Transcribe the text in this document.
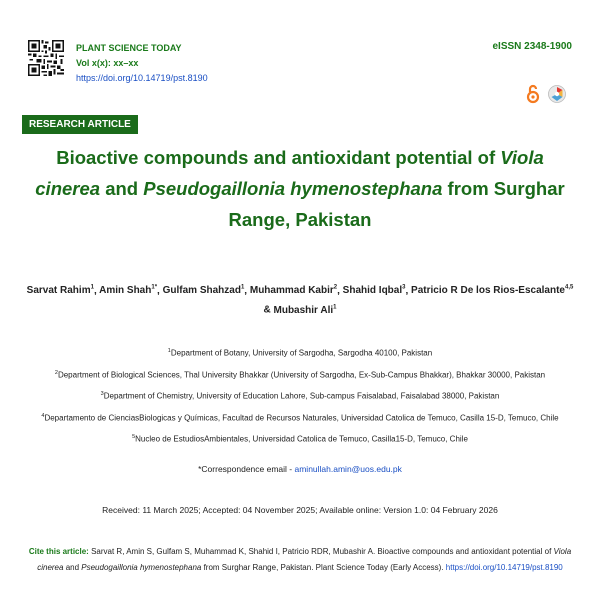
PLANT SCIENCE TODAY
Vol x(x): xx–xx
https://doi.org/10.14719/pst.8190
eISSN 2348-1900
RESEARCH ARTICLE
Bioactive compounds and antioxidant potential of Viola cinerea and Pseudogaillonia hymenostephana from Surghar Range, Pakistan
Sarvat Rahim$^1$, Amin Shah$^{1*}$, Gulfam Shahzad$^1$, Muhammad Kabir$^2$, Shahid Iqbal$^3$, Patricio R De los Rios-Escalante$^{4,5}$
& Mubashir Ali$^1$
$^1$Department of Botany, University of Sargodha, Sargodha 40100, Pakistan
$^2$Department of Biological Sciences, Thal University Bhakkar (University of Sargodha, Ex-Sub-Campus Bhakkar), Bhakkar 30000, Pakistan
$^3$Department of Chemistry, University of Education Lahore, Sub-campus Faisalabad, Faisalabad 38000, Pakistan
$^4$Departamento de CienciasBiologicas y Químicas, Facultad de Recursos Naturales, Universidad Catolica de Temuco, Casilla 15-D, Temuco, Chile
$^5$Nucleo de EstudiosAmbientales, Universidad Catolica de Temuco, Casilla15-D, Temuco, Chile
*Correspondence email - aminullah.amin@uos.edu.pk
Received: 11 March 2025; Accepted: 04 November 2025; Available online: Version 1.0: 04 February 2026
Cite this article: Sarvat R, Amin S, Gulfam S, Muhammad K, Shahid I, Patricio RDR, Mubashir A. Bioactive compounds and antioxidant potential of Viola cinerea and Pseudogaillonia hymenostephana from Surghar Range, Pakistan. Plant Science Today (Early Access). https://doi.org/10.14719/pst.8190
